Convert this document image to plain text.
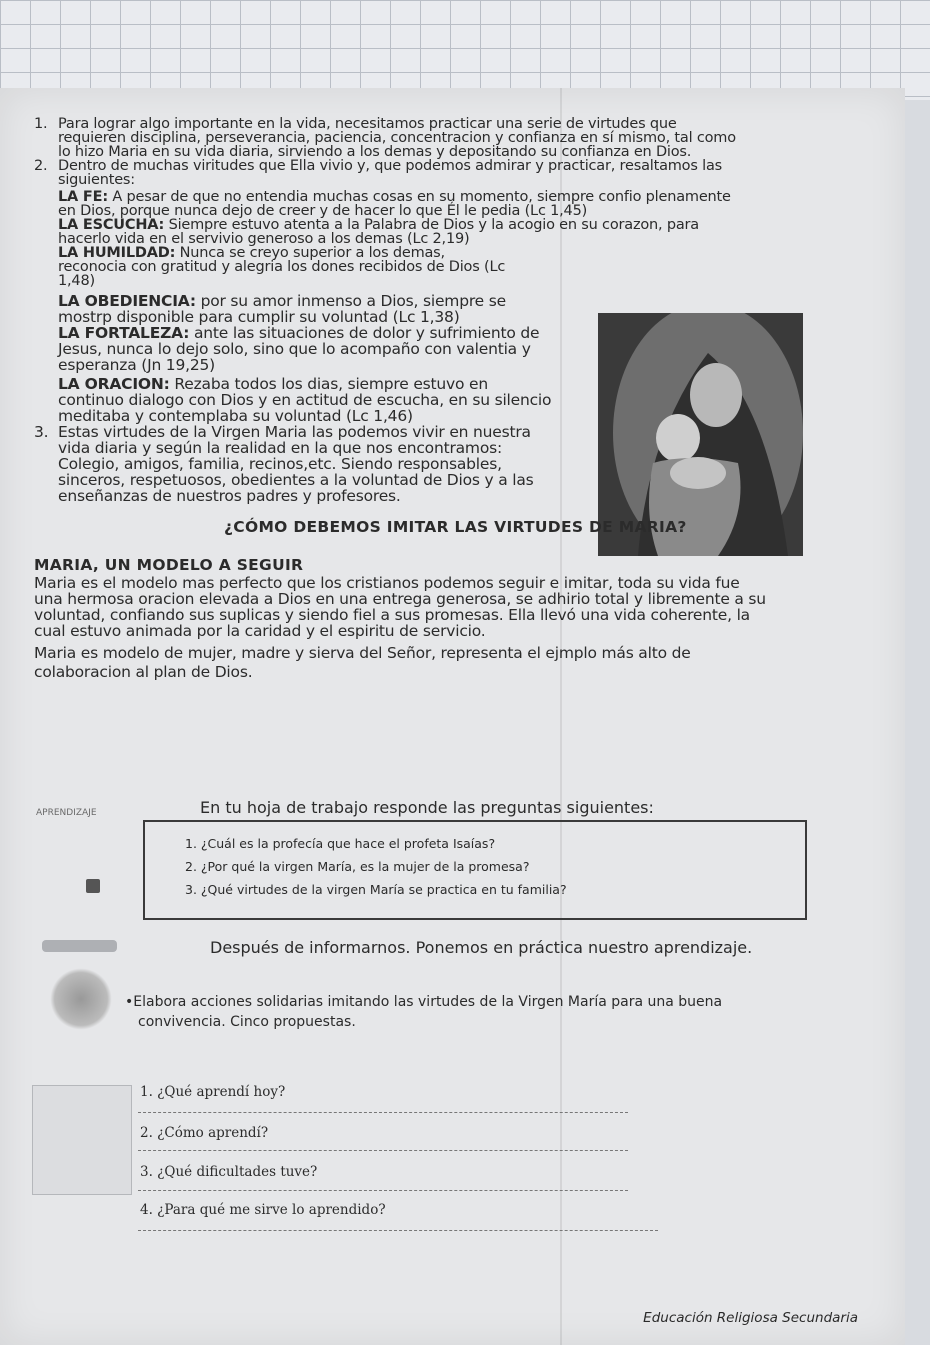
1. Para lograr algo importante en la vida, necesitamos practicar una serie de virtudes que
requieren disciplina, perseverancia, paciencia, concentracion y confianza en sí mismo, tal como
lo hizo Maria en su vida diaria, sirviendo a los demas y depositando su confianza en Dios.
2. Dentro de muchas viritudes que Ella vivio y, que podemos admirar y practicar, resaltamos las
siguientes:
LA FE: A pesar de que no entendia muchas cosas en su momento, siempre confio plenamente
en Dios, porque nunca dejo de creer y de hacer lo que Él le pedia (Lc 1,45)
LA ESCUCHA: Siempre estuvo atenta a la Palabra de Dios y la acogio en su corazon, para
hacerlo vida en el servivio generoso a los demas (Lc 2,19)
LA HUMILDAD: Nunca se creyo superior a los demas,
reconocia con gratitud y alegria los dones recibidos de Dios (Lc
1,48)
LA OBEDIENCIA: por su amor inmenso a Dios, siempre se
mostrp disponible para cumplir su voluntad (Lc 1,38)
LA FORTALEZA: ante las situaciones de dolor y sufrimiento de
Jesus, nunca lo dejo solo, sino que lo acompaño con valentia y
esperanza (Jn 19,25)
LA ORACION: Rezaba todos los dias, siempre estuvo en
continuo dialogo con Dios y en actitud de escucha, en su silencio
meditaba y contemplaba su voluntad (Lc 1,46)
3. Estas virtudes de la Virgen Maria las podemos vivir en nuestra
vida diaria y según la realidad en la que nos encontramos:
Colegio, amigos, familia, recinos,etc. Siendo responsables,
sinceros, respetuosos, obedientes a la voluntad de Dios y a las
enseñanzas de nuestros padres y profesores.
¿CÓMO DEBEMOS IMITAR LAS VIRTUDES DE MARIA?
MARIA, UN MODELO A SEGUIR
Maria es el modelo mas perfecto que los cristianos podemos seguir e imitar, toda su vida fue
una hermosa oracion elevada a Dios en una entrega generosa, se adhirio total y libremente a su
voluntad, confiando sus suplicas y siendo fiel a sus promesas. Ella llevó una vida coherente, la
cual estuvo animada por la caridad y el espiritu de servicio.
Maria es modelo de mujer, madre y sierva del Señor, representa el ejmplo más alto de
colaboracion al plan de Dios.
APRENDIZAJE	En tu hoja de trabajo responde las preguntas siguientes:
1. ¿Cuál es la profecía que hace el profeta Isaías?
2. ¿Por qué la virgen María, es la mujer de la promesa?
3. ¿Qué virtudes de la virgen María se practica en tu familia?
Después de informarnos. Ponemos en práctica nuestro aprendizaje.
•Elabora acciones solidarias imitando las virtudes de la Virgen María para una buena
convivencia. Cinco propuestas.
1. ¿Qué aprendí hoy?
2. ¿Cómo aprendí?
3. ¿Qué dificultades tuve?
4. ¿Para qué me sirve lo aprendido?
Educación Religiosa Secundaria
